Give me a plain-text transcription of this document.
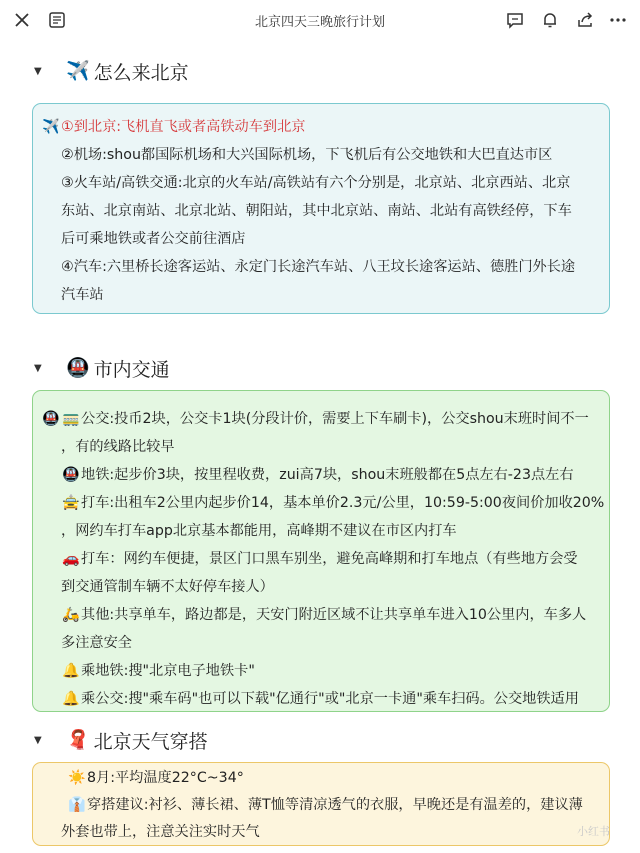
北京四天三晚旅行计划
▼ ✈️ 怎么来北京
✈️①到北京:飞机直飞或者高铁动车到北京
②机场:shou都国际机场和大兴国际机场，下飞机后有公交地铁和大巴直达市区
③火车站/高铁交通:北京的火车站/高铁站有六个分别是，北京站、北京西站、北京
东站、北京南站、北京北站、朝阳站，其中北京站、南站、北站有高铁经停，下车
后可乘地铁或者公交前往酒店
④汽车:六里桥长途客运站、永定门长途汽车站、八王坟长途客运站、德胜门外长途
汽车站
▼ 🚇 市内交通
🚇 🚃公交:投币2块，公交卡1块(分段计价，需要上下车刷卡)，公交shou末班时间不一
，有的线路比较早
🚇地铁:起步价3块，按里程收费，zui高7块，shou末班般都在5点左右-23点左右
🚖打车:出租车2公里内起步价14，基本单价2.3元/公里，10:59-5:00夜间价加收20%
，网约车打车app北京基本都能用，高峰期不建议在市区内打车
🚗打车：网约车便捷，景区门口黑车别坐，避免高峰期和打车地点（有些地方会受
到交通管制车辆不太好停车接人）
🛵其他:共享单车，路边都是，天安门附近区域不让共享单车进入10公里内，车多人
多注意安全
🔔乘地铁:搜"北京电子地铁卡"
🔔乘公交:搜"乘车码"也可以下载"亿通行"或"北京一卡通"乘车扫码。公交地铁适用
▼ 🧣 北京天气穿搭
☀️8月:平均温度22°C~34°
👔穿搭建议:衬衫、薄长裙、薄T恤等清凉透气的衣服，早晚还是有温差的，建议薄
外套也带上，注意关注实时天气	小红书
